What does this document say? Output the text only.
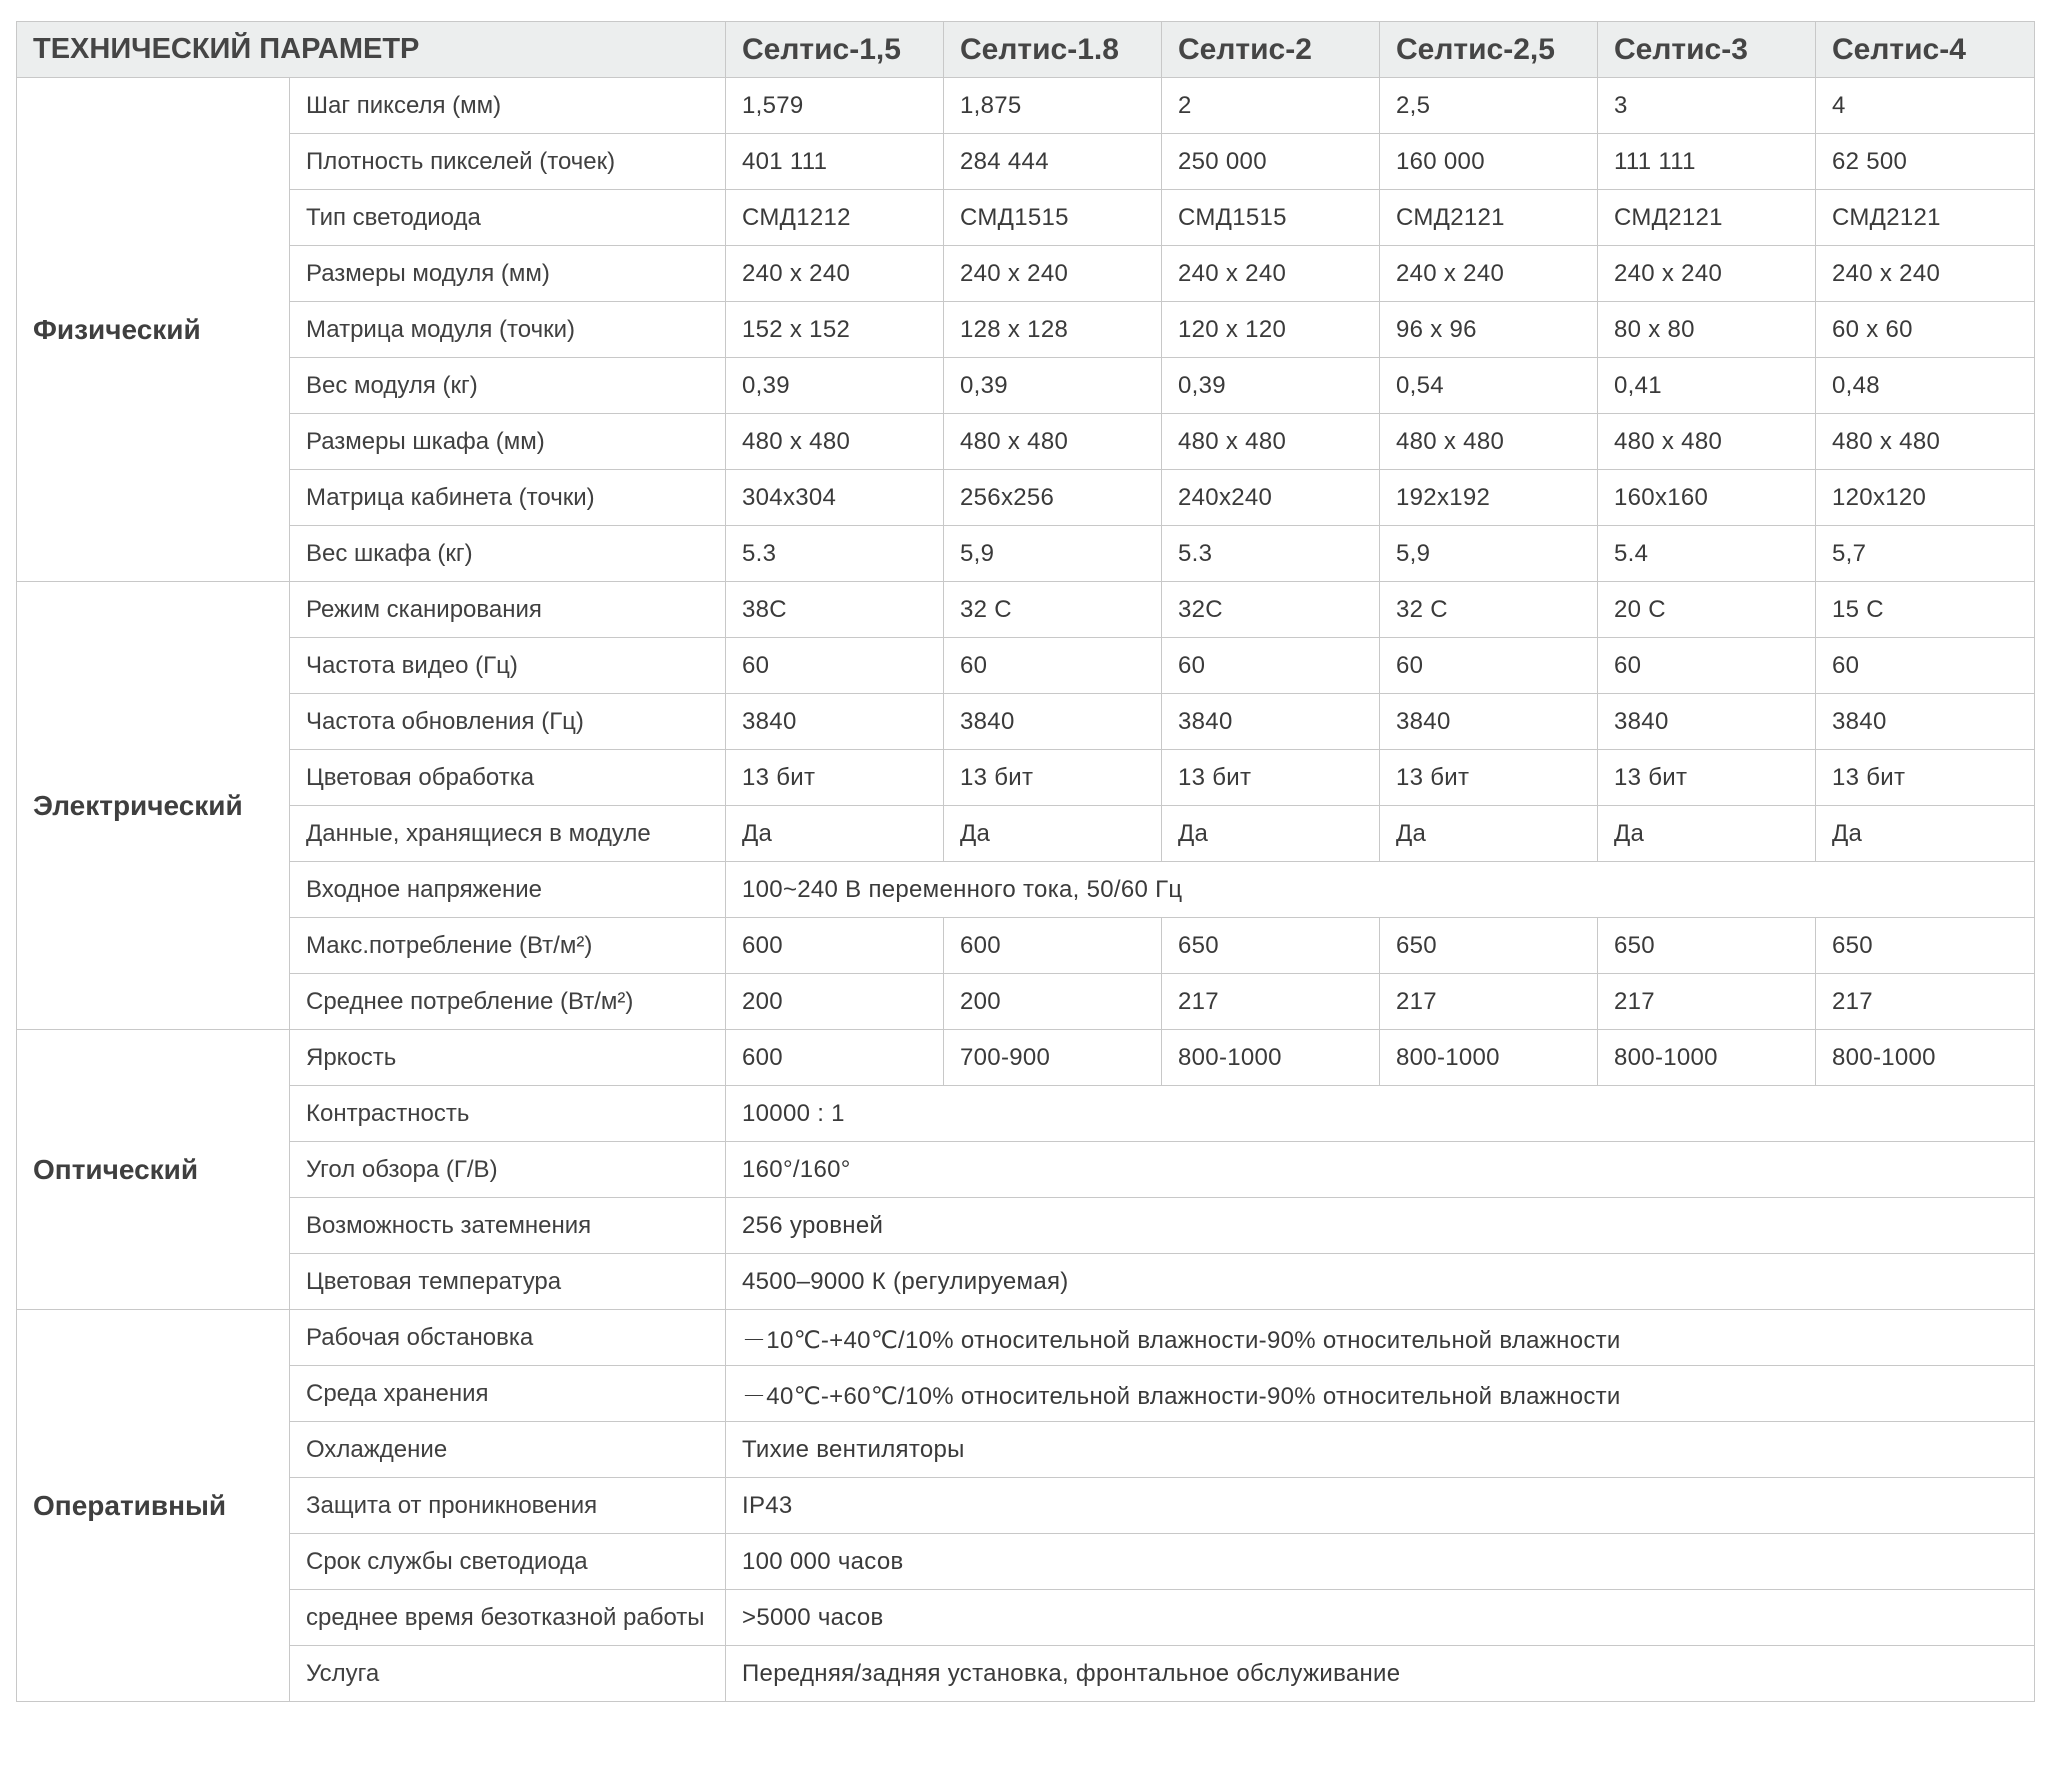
ТЕХНИЧЕСКИЙ ПАРАМЕТР		Селтис-1,5	Селтис-1.8	Селтис-2	Селтис-2,5	Селтис-3	Селтис-4
Физический	Шаг пикселя (мм)	1,579	1,875	2	2,5	3	4
	Плотность пикселей (точек)	401 111	284 444	250 000	160 000	111 111	62 500
	Тип светодиода	СМД1212	СМД1515	СМД1515	СМД2121	СМД2121	СМД2121
	Размеры модуля (мм)	240 x 240	240 x 240	240 x 240	240 x 240	240 x 240	240 x 240
	Матрица модуля (точки)	152 x 152	128 x 128	120 x 120	96 x 96	80 x 80	60 x 60
	Вес модуля (кг)	0,39	0,39	0,39	0,54	0,41	0,48
	Размеры шкафа (мм)	480 x 480	480 x 480	480 x 480	480 x 480	480 x 480	480 x 480
	Матрица кабинета (точки)	304x304	256x256	240x240	192x192	160x160	120x120
	Вес шкафа (кг)	5.3	5,9	5.3	5,9	5.4	5,7
Электрический	Режим сканирования	38С	32 С	32С	32 С	20 С	15 С
	Частота видео (Гц)	60	60	60	60	60	60
	Частота обновления (Гц)	3840	3840	3840	3840	3840	3840
	Цветовая обработка	13 бит	13 бит	13 бит	13 бит	13 бит	13 бит
	Данные, хранящиеся в модуле	Да	Да	Да	Да	Да	Да
	Входное напряжение	100~240 В переменного тока, 50/60 Гц					
	Макс.потребление (Вт/м²)	600	600	650	650	650	650
	Среднее потребление (Вт/м²)	200	200	217	217	217	217
Оптический	Яркость	600	700-900	800-1000	800-1000	800-1000	800-1000
	Контрастность	10000 : 1					
	Угол обзора (Г/В)	160°/160°					
	Возможность затемнения	256 уровней					
	Цветовая температура	4500–9000 К (регулируемая)					
Оперативный	Рабочая обстановка	－10℃-+40℃/10% относительной влажности-90% относительной влажности					
	Среда хранения	－40℃-+60℃/10% относительной влажности-90% относительной влажности					
	Охлаждение	Тихие вентиляторы					
	Защита от проникновения	IP43					
	Срок службы светодиода	100 000 часов					
	среднее время безотказной работы	>5000 часов					
	Услуга	Передняя/задняя установка, фронтальное обслуживание					
